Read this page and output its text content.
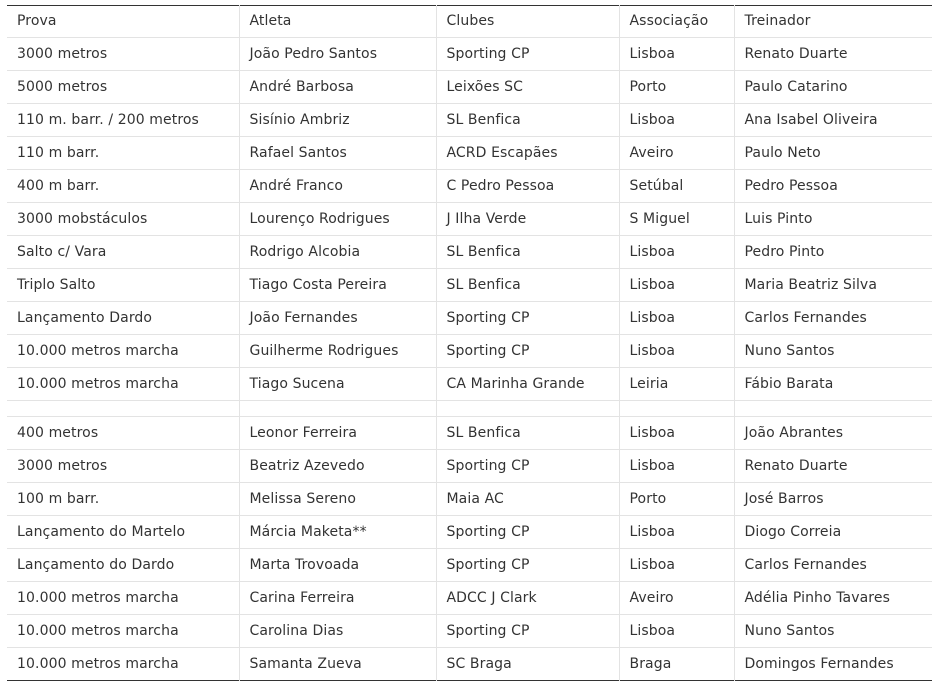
Prova	Atleta	Clubes	Associação	Treinador
3000 metros	João Pedro Santos	Sporting CP	Lisboa	Renato Duarte
5000 metros	André Barbosa	Leixões SC	Porto	Paulo Catarino
110 m. barr. / 200 metros	Sisínio Ambriz	SL Benfica	Lisboa	Ana Isabel Oliveira
110 m barr.	Rafael Santos	ACRD Escapães	Aveiro	Paulo Neto
400 m barr.	André Franco	C Pedro Pessoa	Setúbal	Pedro Pessoa
3000 mobstáculos	Lourenço Rodrigues	J Ilha Verde	S Miguel	Luis Pinto
Salto c/ Vara	Rodrigo Alcobia	SL Benfica	Lisboa	Pedro Pinto
Triplo Salto	Tiago Costa Pereira	SL Benfica	Lisboa	Maria Beatriz Silva
Lançamento Dardo	João Fernandes	Sporting CP	Lisboa	Carlos Fernandes
10.000 metros marcha	Guilherme Rodrigues	Sporting CP	Lisboa	Nuno Santos
10.000 metros marcha	Tiago Sucena	CA Marinha Grande	Leiria	Fábio Barata

400 metros	Leonor Ferreira	SL Benfica	Lisboa	João Abrantes
3000 metros	Beatriz Azevedo	Sporting CP	Lisboa	Renato Duarte
100 m barr.	Melissa Sereno	Maia AC	Porto	José Barros
Lançamento do Martelo	Márcia Maketa**	Sporting CP	Lisboa	Diogo Correia
Lançamento do Dardo	Marta Trovoada	Sporting CP	Lisboa	Carlos Fernandes
10.000 metros marcha	Carina Ferreira	ADCC J Clark	Aveiro	Adélia Pinho Tavares
10.000 metros marcha	Carolina Dias	Sporting CP	Lisboa	Nuno Santos
10.000 metros marcha	Samanta Zueva	SC Braga	Braga	Domingos Fernandes
